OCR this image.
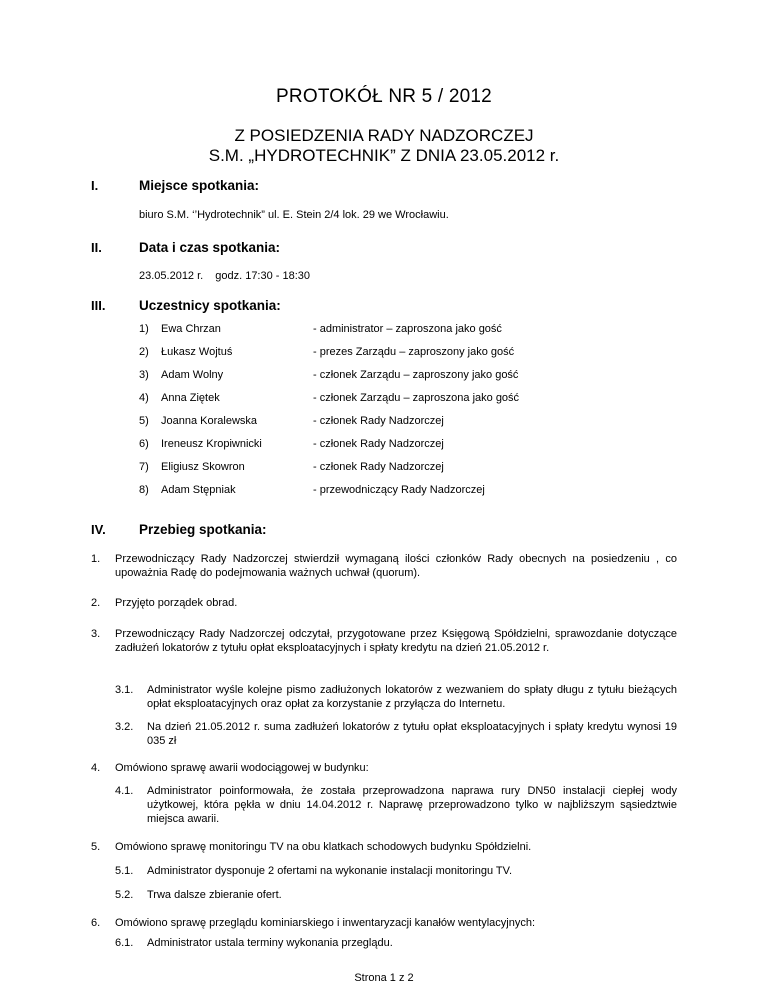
PROTOKÓŁ NR 5 / 2012
Z POSIEDZENIA RADY NADZORCZEJ
S.M. „HYDROTECHNIK” Z DNIA 23.05.2012 r.
I.	Miejsce spotkania:
biuro S.M. ‘’Hydrotechnik” ul. E. Stein 2/4 lok. 29 we Wrocławiu.
II.	Data i czas spotkania:
23.05.2012 r. godz. 17:30 - 18:30
III. Uczestnicy spotkania:
1) Ewa Chrzan	- administrator – zaproszona jako gość
2) Łukasz Wojtuś	- prezes Zarządu – zaproszony jako gość
3) Adam Wolny	- członek Zarządu – zaproszony jako gość
4) Anna Ziętek	- członek Zarządu – zaproszona jako gość
5) Joanna Koralewska	- członek Rady Nadzorczej
6) Ireneusz Kropiwnicki	- członek Rady Nadzorczej
7) Eligiusz Skowron	- członek Rady Nadzorczej
8) Adam Stępniak	- przewodniczący Rady Nadzorczej
IV. Przebieg spotkania:
1. Przewodniczący Rady Nadzorczej stwierdził wymaganą ilości członków Rady obecnych na posiedzeniu , co upoważnia Radę do podejmowania ważnych uchwał (quorum).
2. Przyjęto porządek obrad.
3. Przewodniczący Rady Nadzorczej odczytał, przygotowane przez Księgową Spółdzielni, sprawozdanie dotyczące zadłużeń lokatorów z tytułu opłat eksploatacyjnych i spłaty kredytu na dzień 21.05.2012 r.
3.1. Administrator wyśle kolejne pismo zadłużonych lokatorów z wezwaniem do spłaty długu z tytułu bieżących opłat eksploatacyjnych oraz opłat za korzystanie z przyłącza do Internetu.
3.2. Na dzień 21.05.2012 r. suma zadłużeń lokatorów z tytułu opłat eksploatacyjnych i spłaty kredytu wynosi 19 035 zł
4. Omówiono sprawę awarii wodociągowej w budynku:
4.1. Administrator poinformowała, że została przeprowadzona naprawa rury DN50 instalacji ciepłej wody użytkowej, która pękła w dniu 14.04.2012 r. Naprawę przeprowadzono tylko w najbliższym sąsiedztwie miejsca awarii.
5. Omówiono sprawę monitoringu TV na obu klatkach schodowych budynku Spółdzielni.
5.1. Administrator dysponuje 2 ofertami na wykonanie instalacji monitoringu TV.
5.2. Trwa dalsze zbieranie ofert.
6. Omówiono sprawę przeglądu kominiarskiego i inwentaryzacji kanałów wentylacyjnych:
6.1. Administrator ustala terminy wykonania przeglądu.
Strona 1 z 2
